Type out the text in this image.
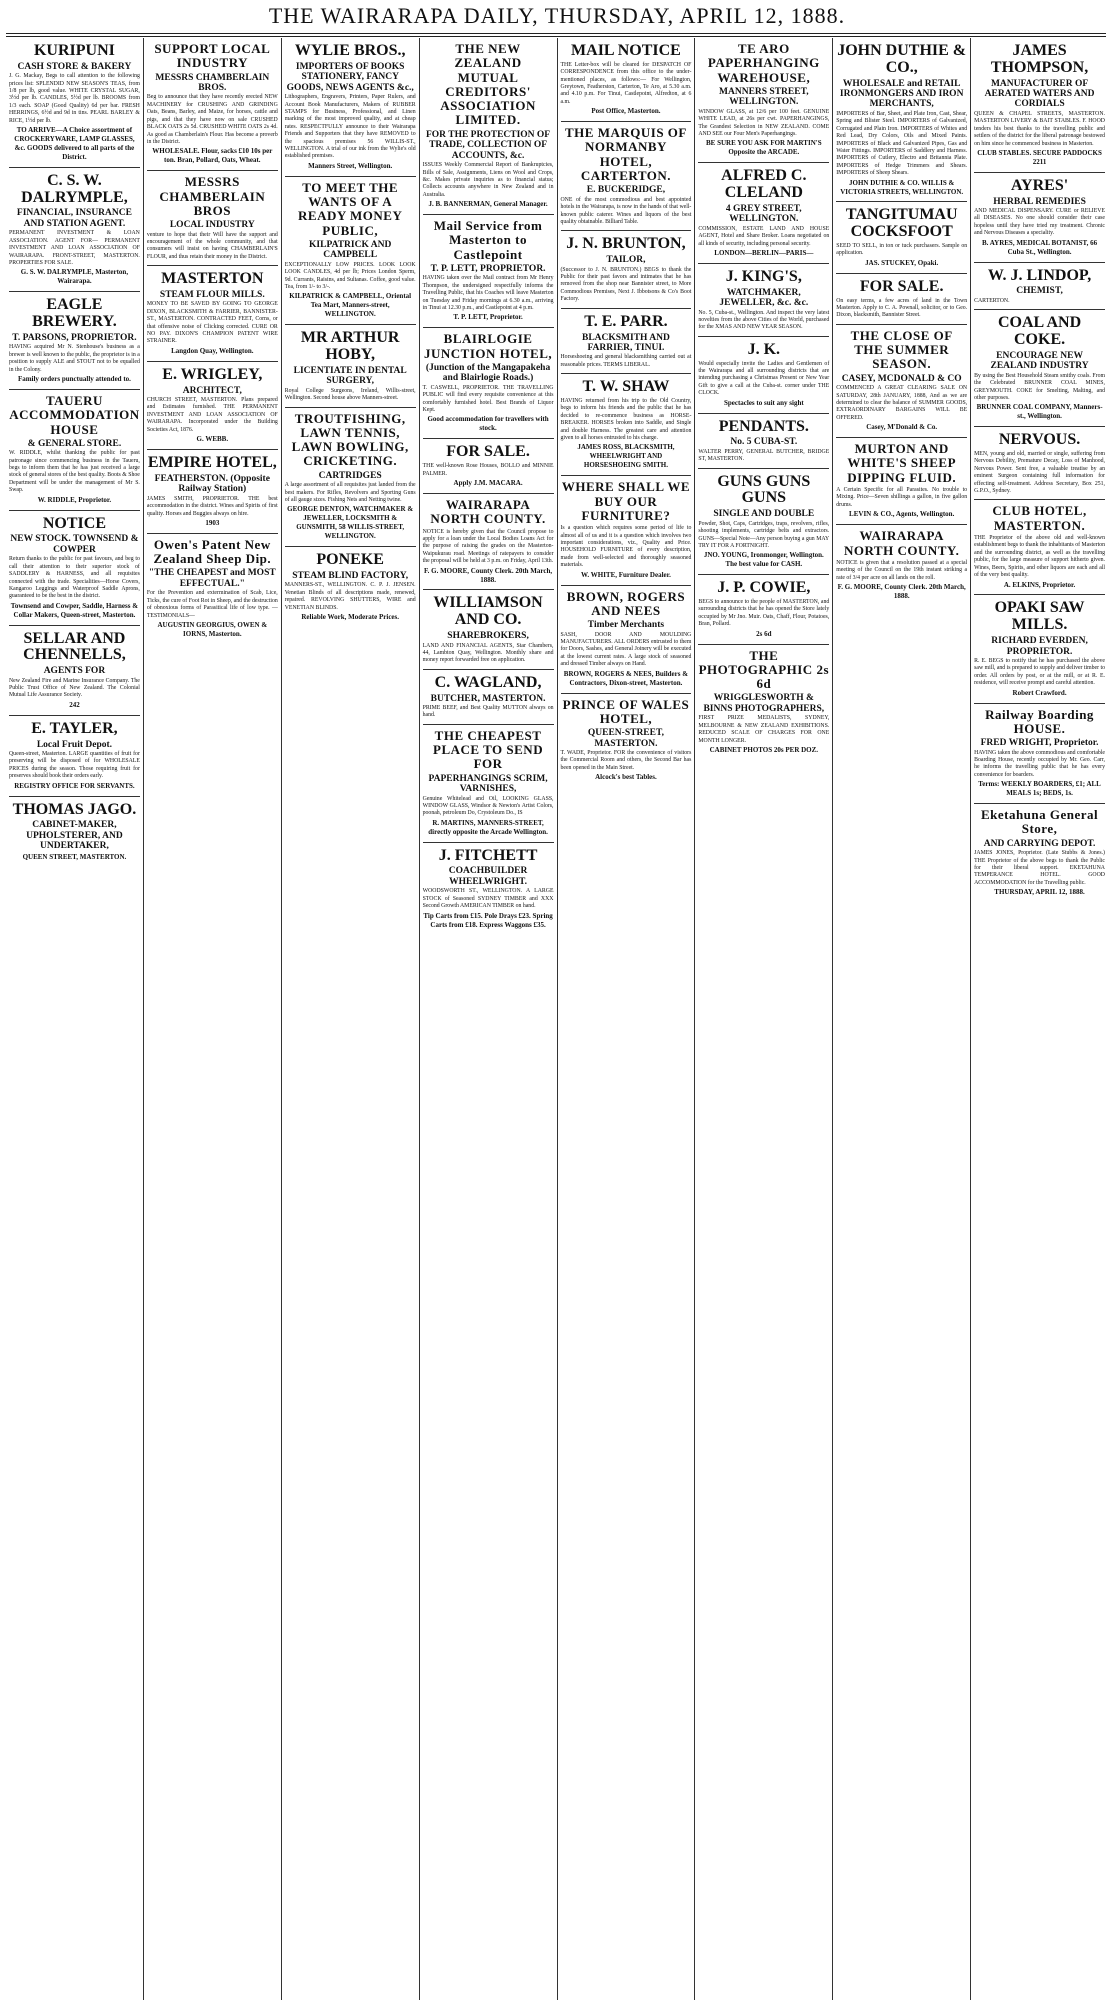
THE WAIRARAPA DAILY, THURSDAY, APRIL 12, 1888.
KURIPUNI
CASH STORE & BAKERY
J. G. Mackay, Begs to call attention to the following prices list: SPLENDID NEW SEASON'S TEAS, from 1/8 per lb, good value. WHITE CRYSTAL SUGAR, 3½d per lb. CANDLES, 5½d per lb. BROOMS from 1/3 each. SOAP (Good Quality) 6d per bar. FRESH HERRINGS, 6½d and 9d in tins. PEARL BARLEY & RICE, 1½d per lb.
TO ARRIVE—A Choice assortment of CROCKERYWARE, LAMP GLASSES, &c. GOODS delivered to all parts of the District.
C. S. W. DALRYMPLE,
FINANCIAL, INSURANCE AND STATION AGENT.
PERMANENT INVESTMENT & LOAN ASSOCIATION. AGENT FOR— PERMANENT INVESTMENT AND LOAN ASSOCIATION OF WAIRARAPA. FRONT-STREET, MASTERTON. PROPERTIES FOR SALE.
G. S. W. DALRYMPLE, Masterton, Wairarapa.
EAGLE BREWERY.
T. PARSONS, PROPRIETOR.
HAVING acquired Mr N. Stenhouse's business as a brewer is well known to the public, the proprietor is in a position to supply ALE and STOUT not to be equalled in the Colony.
Family orders punctually attended to.
TAUERU ACCOMMODATION HOUSE
& GENERAL STORE.
W. RIDDLE, whilst thanking the public for past patronage since commencing business in the Taueru, begs to inform them that he has just received a large stock of general stores of the best quality. Boots & Shoe Department will be under the management of Mr S. Swap.
W. RIDDLE, Proprietor.
NOTICE
NEW STOCK. TOWNSEND & COWPER
Return thanks to the public for past favours, and beg to call their attention to their superior stock of SADDLERY & HARNESS, and all requisites connected with the trade. Specialities—Horse Covers, Kangaroo Leggings and Waterproof Saddle Aprons, guaranteed to be the best in the district.
Townsend and Cowper, Saddle, Harness & Collar Makers, Queen-street, Masterton.
SELLAR AND CHENNELLS,
AGENTS FOR
New Zealand Fire and Marine Insurance Company. The Public Trust Office of New Zealand. The Colonial Mutual Life Assurance Society.
242
E. TAYLER,
Local Fruit Depot.
Queen-street, Masterton. LARGE quantities of fruit for preserving will be disposed of for WHOLESALE PRICES during the season. Those requiring fruit for preserves should book their orders early.
REGISTRY OFFICE FOR SERVANTS.
THOMAS JAGO.
CABINET-MAKER, UPHOLSTERER, AND UNDERTAKER,
QUEEN STREET, MASTERTON.
SUPPORT LOCAL INDUSTRY
MESSRS CHAMBERLAIN BROS.
Beg to announce that they have recently erected NEW MACHINERY for CRUSHING AND GRINDING Oats, Beans, Barley, and Maize, for horses, cattle and pigs, and that they have now on sale CRUSHED BLACK OATS 2s 5d. CRUSHED WHITE OATS 2s 4d. As good as Chamberlain's Flour. Has become a proverb in the District.
WHOLESALE. Flour, sacks £10 10s per ton. Bran, Pollard, Oats, Wheat.
MESSRS CHAMBERLAIN BROS
LOCAL INDUSTRY
venture to hope that their Will have the support and encouragement of the whole community, and that consumers will insist on having CHAMBERLAIN'S FLOUR, and thus retain their money in the District.
MASTERTON
STEAM FLOUR MILLS.
MONEY TO BE SAVED BY GOING TO GEORGE DIXON, BLACKSMITH & FARRIER, BANNISTER-ST., MASTERTON. CONTRACTED FEET, Corns, or that offensive noise of Clicking corrected. CURE OR NO PAY. DIXON'S CHAMPION PATENT WIRE STRAINER.
Langdon Quay, Wellington.
E. WRIGLEY,
ARCHITECT,
CHURCH STREET, MASTERTON. Plans prepared and Estimates furnished. THE PERMANENT INVESTMENT AND LOAN ASSOCIATION OF WAIRARAPA. Incorporated under the Building Societies Act, 1876.
G. WEBB.
EMPIRE HOTEL,
FEATHERSTON. (Opposite Railway Station)
JAMES SMITH, PROPRIETOR. THE best accommodation in the district. Wines and Spirits of first quality. Horses and Buggies always on hire.
1903
Owen's Patent New Zealand Sheep Dip.
"THE CHEAPEST and MOST EFFECTUAL."
For the Prevention and extermination of Scab, Lice, Ticks, the cure of Foot Rot in Sheep, and the destruction of obnoxious forms of Parasitical life of low type. —TESTIMONIALS—
AUGUSTIN GEORGIUS, OWEN & IORNS, Masterton.
WYLIE BROS.,
IMPORTERS OF BOOKS STATIONERY, FANCY GOODS, NEWS AGENTS &c.,
Lithographers, Engravers, Printers, Paper Rulers, and Account Book Manufacturers, Makers of RUBBER STAMPS for Business, Professional, and Linen marking of the most improved quality, and at cheap rates. RESPECTFULLY announce to their Wairarapa Friends and Supporters that they have REMOVED to the spacious premises 56 WILLIS-ST., WELLINGTON. A trial of our ink from the Wylie's old established premises.
Manners Street, Wellington.
TO MEET THE WANTS OF A READY MONEY PUBLIC,
KILPATRICK AND CAMPBELL
EXCEPTIONALLY LOW PRICES. LOOK LOOK LOOK CANDLES, 4d per lb; Prices London Sperm, 9d. Currants, Raisins, and Sultanas. Coffee, good value. Tea, from 1/- to 3/-.
KILPATRICK & CAMPBELL, Oriental Tea Mart, Manners-street, WELLINGTON.
MR ARTHUR HOBY,
LICENTIATE IN DENTAL SURGERY,
Royal College Surgeons, Ireland, Willis-street, Wellington. Second house above Manners-street.
TROUTFISHING, LAWN TENNIS, LAWN BOWLING, CRICKETING.
CARTRIDGES
A large assortment of all requisites just landed from the best makers. For Rifles, Revolvers and Sporting Guns of all gauge sizes. Fishing Nets and Netting twine.
GEORGE DENTON, WATCHMAKER & JEWELLER, LOCKSMITH & GUNSMITH, 58 WILLIS-STREET, WELLINGTON.
PONEKE
STEAM BLIND FACTORY,
MANNERS-ST., WELLINGTON. C. P. J. JENSEN. Venetian Blinds of all descriptions made, renewed, repaired. REVOLVING SHUTTERS, WIRE and VENETIAN BLINDS.
Reliable Work, Moderate Prices.
THE NEW ZEALAND MUTUAL CREDITORS' ASSOCIATION LIMITED.
FOR THE PROTECTION OF TRADE, COLLECTION OF ACCOUNTS, &c.
ISSUES Weekly Commercial Report of Bankruptcies, Bills of Sale, Assignments, Liens on Wool and Crops, &c. Makes private inquiries as to financial status; Collects accounts anywhere in New Zealand and in Australia.
J. B. BANNERMAN, General Manager.
Mail Service from Masterton to Castlepoint
T. P. LETT, PROPRIETOR.
HAVING taken over the Mail contract from Mr Henry Thompson, the undersigned respectfully informs the Travelling Public, that his Coaches will leave Masterton on Tuesday and Friday mornings at 6.30 a.m., arriving in Tinui at 12.30 p.m., and Castlepoint at 4 p.m.
T. P. LETT, Proprietor.
BLAIRLOGIE JUNCTION HOTEL,
(Junction of the Mangapakeha and Blairlogie Roads.)
T. CASWELL, PROPRIETOR. THE TRAVELLING PUBLIC will find every requisite convenience at this comfortably furnished hotel. Best Brands of Liquor Kept.
Good accommodation for travellers with stock.
FOR SALE.
THE well-known Rose Houses, BOLLO and MINNIE PALMER.
Apply J.M. MACARA.
WAIRARAPA NORTH COUNTY.
NOTICE is hereby given that the Council propose to apply for a loan under the Local Bodies Loans Act for the purpose of raising the grades on the Masterton-Waipukurau road. Meetings of ratepayers to consider the proposal will be held at 3 p.m. on Friday, April 13th.
F. G. MOORE, County Clerk. 20th March, 1888.
WILLIAMSON AND CO.
SHAREBROKERS,
LAND AND FINANCIAL AGENTS, Star Chambers, 44, Lambton Quay, Wellington. Monthly share and money report forwarded free on application.
C. WAGLAND,
BUTCHER, MASTERTON.
PRIME BEEF, and Best Quality MUTTON always on hand.
THE CHEAPEST PLACE TO SEND FOR
PAPERHANGINGS SCRIM, VARNISHES,
Genuine Whitelead and Oil, LOOKING GLASS, WINDOW GLASS, Windsor & Newton's Artist Colors, poonah, petroleum Do, Crystoleum Do., IS
R. MARTINS, MANNERS-STREET, directly opposite the Arcade Wellington.
J. FITCHETT
COACHBUILDER WHEELWRIGHT.
WOODSWORTH ST., WELLINGTON. A LARGE STOCK of Seasoned SYDNEY TIMBER and XXX Second Growth AMERICAN TIMBER on hand.
Tip Carts from £15. Pole Drays £23. Spring Carts from £18. Express Waggons £35.
MAIL NOTICE
THE Letter-box will be cleared for DESPATCH OF CORRESPONDENCE from this office to the under-mentioned places, as follows:— For Wellington, Greytown, Featherston, Carterton, Te Aro, at 5.30 a.m. and 4.10 p.m. For Tinui, Castlepoint, Alfredton, at 6 a.m.
Post Office, Masterton.
THE MARQUIS OF NORMANBY HOTEL, CARTERTON.
E. BUCKERIDGE,
ONE of the most commodious and best appointed hotels in the Wairarapa, is now in the hands of that well-known public caterer. Wines and liquors of the best quality obtainable. Billiard Table.
J. N. BRUNTON,
TAILOR,
(Successor to J. N. BRUNTON.) BEGS to thank the Public for their past favors and intimates that he has removed from the shop near Bannister street, to More Commodious Premises, Next J. Ibbotsons & Co's Boot Factory.
T. E. PARR.
BLACKSMITH AND FARRIER, TINUI.
Horseshoeing and general blacksmithing carried out at reasonable prices. TERMS LIBERAL.
T. W. SHAW
HAVING returned from his trip to the Old Country, begs to inform his friends and the public that he has decided to re-commence business as HORSE-BREAKER. HORSES broken into Saddle, and Single and double Harness. The greatest care and attention given to all horses entrusted to his charge.
JAMES ROSS, BLACKSMITH, WHEELWRIGHT AND HORSESHOEING SMITH.
WHERE SHALL WE BUY OUR FURNITURE?
Is a question which requires some period of life to almost all of us and it is a question which involves two important considerations, viz., Quality and Price. HOUSEHOLD FURNITURE of every description, made from well-selected and thoroughly seasoned materials.
W. WHITE, Furniture Dealer.
BROWN, ROGERS AND NEES
Timber Merchants
SASH, DOOR AND MOULDING MANUFACTURERS. ALL ORDERS entrusted to them for Doors, Sashes, and General Joinery will be executed at the lowest current rates. A large stock of seasoned and dressed Timber always on Hand.
BROWN, ROGERS & NEES, Builders & Contractors, Dixon-street, Masterton.
PRINCE OF WALES HOTEL,
QUEEN-STREET, MASTERTON.
T. WADE, Proprietor. FOR the convenience of visitors the Commercial Room and others, the Second Bar has been opened in the Main Street.
Alcock's best Tables.
TE ARO PAPERHANGING WAREHOUSE,
MANNERS STREET, WELLINGTON.
WINDOW GLASS, at 12/6 per 100 feet. GENUINE WHITE LEAD, at 26s per cwt. PAPERHANGINGS, The Grandest Selection in NEW ZEALAND. COME AND SEE our Four Men's Paperhangings.
BE SURE YOU ASK FOR MARTIN'S Opposite the ARCADE.
ALFRED C. CLELAND
4 GREY STREET, WELLINGTON.
COMMISSION, ESTATE LAND AND HOUSE AGENT, Hotel and Share Broker. Loans negotiated on all kinds of security, including personal security.
LONDON—BERLIN—PARIS—
J. KING'S,
WATCHMAKER, JEWELLER, &c. &c.
No. 5, Cuba-st., Wellington. And inspect the very latest novelties from the above Cities of the World, purchased for the XMAS AND NEW YEAR SEASON.
J. K.
Would especially invite the Ladies and Gentlemen of the Wairarapa and all surrounding districts that are intending purchasing a Christmas Present or New Year Gift to give a call at the Cuba-st. corner under THE CLOCK.
Spectacles to suit any sight
PENDANTS.
No. 5 CUBA-ST.
WALTER PERRY, GENERAL BUTCHER, BRIDGE ST, MASTERTON.
GUNS GUNS GUNS
SINGLE AND DOUBLE
Powder, Shot, Caps, Cartridges, traps, revolvers, rifles, shooting implements, cartridge belts and extractors. GUNS—Special Note—Any person buying a gun MAY TRY IT FOR A FORTNIGHT.
JNO. YOUNG, Ironmonger, Wellington. The best value for CASH.
J. P. COWIE,
BEGS to announce to the people of MASTERTON, and surrounding districts that he has opened the Store lately occupied by Mr Jno. Muir. Oats, Chaff, Flour, Potatoes, Bran, Pollard.
2s 6d
THE PHOTOGRAPHIC 2s 6d
WRIGGLESWORTH & BINNS PHOTOGRAPHERS,
FIRST PRIZE MEDALISTS, SYDNEY, MELBOURNE & NEW ZEALAND EXHIBITIONS. REDUCED SCALE OF CHARGES FOR ONE MONTH LONGER.
CABINET PHOTOS 20s PER DOZ.
JOHN DUTHIE & CO.,
WHOLESALE and RETAIL IRONMONGERS AND IRON MERCHANTS,
IMPORTERS of Bar, Sheet, and Plate Iron, Cast, Shear, Spring and Blister Steel. IMPORTERS of Galvanized, Corrugated and Plain Iron. IMPORTERS of Whites and Red Lead, Dry Colors, Oils and Mixed Paints. IMPORTERS of Black and Galvanized Pipes, Gas and Water Fittings. IMPORTERS of Saddlery and Harness. IMPORTERS of Cutlery, Electro and Britannia Plate. IMPORTERS of Hedge Trimmers and Shears. IMPORTERS of Sheep Shears.
JOHN DUTHIE & CO. WILLIS & VICTORIA STREETS, WELLINGTON.
TANGITUMAU COCKSFOOT
SEED TO SELL, in ton or tuck purchasers. Sample on application.
JAS. STUCKEY, Opaki.
FOR SALE.
On easy terms, a few acres of land in the Town Masterton. Apply to C. A. Pownall, solicitor, or to Geo. Dixon, blacksmith, Bannister Street.
THE CLOSE OF THE SUMMER SEASON.
CASEY, MCDONALD & CO
COMMENCED A GREAT CLEARING SALE ON SATURDAY, 28th JANUARY, 1888, And as we are determined to clear the balance of SUMMER GOODS, EXTRAORDINARY BARGAINS WILL BE OFFERED.
Casey, M'Donald & Co.
MURTON AND WHITE'S SHEEP DIPPING FLUID.
A Certain Specific for all Parasites. No trouble to Mixing. Price—Seven shillings a gallon, in five gallon drums.
LEVIN & CO., Agents, Wellington.
WAIRARAPA NORTH COUNTY.
NOTICE is given that a resolution passed at a special meeting of the Council on the 19th instant striking a rate of 3/4 per acre on all lands on the roll.
F. G. MOORE, County Clerk. 20th March, 1888.
JAMES THOMPSON,
MANUFACTURER OF AERATED WATERS AND CORDIALS
QUEEN & CHAPEL STREETS, MASTERTON. MASTERTON LIVERY & BAIT STABLES. F. HOOD tenders his best thanks to the travelling public and settlers of the district for the liberal patronage bestowed on him since he commenced business in Masterton.
CLUB STABLES. SECURE PADDOCKS 2211
AYRES'
HERBAL REMEDIES
AND MEDICAL DISPENSARY. CURE or RELIEVE all DISEASES. No one should consider their case hopeless until they have tried my treatment. Chronic and Nervous Diseases a speciality.
B. AYRES, MEDICAL BOTANIST, 66 Cuba St., Wellington.
W. J. LINDOP,
CHEMIST,
CARTERTON.
COAL AND COKE.
ENCOURAGE NEW ZEALAND INDUSTRY
By using the Best Household Steam smithy coals. From the Celebrated BRUNNER COAL MINES, GREYMOUTH. COKE for Smelting, Malting, and other purposes.
BRUNNER COAL COMPANY, Manners-st., Wellington.
NERVOUS.
MEN, young and old, married or single, suffering from Nervous Debility, Premature Decay, Loss of Manhood, Nervous Power. Sent free, a valuable treatise by an eminent Surgeon containing full information for effecting self-treatment. Address Secretary, Box 251, G.P.O., Sydney.
CLUB HOTEL, MASTERTON.
THE Proprietor of the above old and well-known establishment begs to thank the inhabitants of Masterton and the surrounding district, as well as the travelling public, for the large measure of support hitherto given. Wines, Beers, Spirits, and other liquors are each and all of the very best quality.
A. ELKINS, Proprietor.
OPAKI SAW MILLS.
RICHARD EVERDEN, PROPRIETOR.
R. E. BEGS to notify that he has purchased the above saw mill, and is prepared to supply and deliver timber to order. All orders by post, or at the mill, or at R. E. residence, will receive prompt and careful attention.
Robert Crawford.
Railway Boarding HOUSE.
FRED WRIGHT, Proprietor.
HAVING taken the above commodious and comfortable Boarding House, recently occupied by Mr. Geo. Carr, he informs the travelling public that he has every convenience for boarders.
Terms: WEEKLY BOARDERS, £1; ALL MEALS 1s; BEDS, 1s.
Eketahuna General Store,
AND CARRYING DEPOT.
JAMES JONES, Proprietor. (Late Stubbs & Jones.) THE Proprietor of the above begs to thank the Public for their liberal support. EKETAHUNA TEMPERANCE HOTEL. GOOD ACCOMMODATION for the Travelling public.
THURSDAY, APRIL 12, 1888.
